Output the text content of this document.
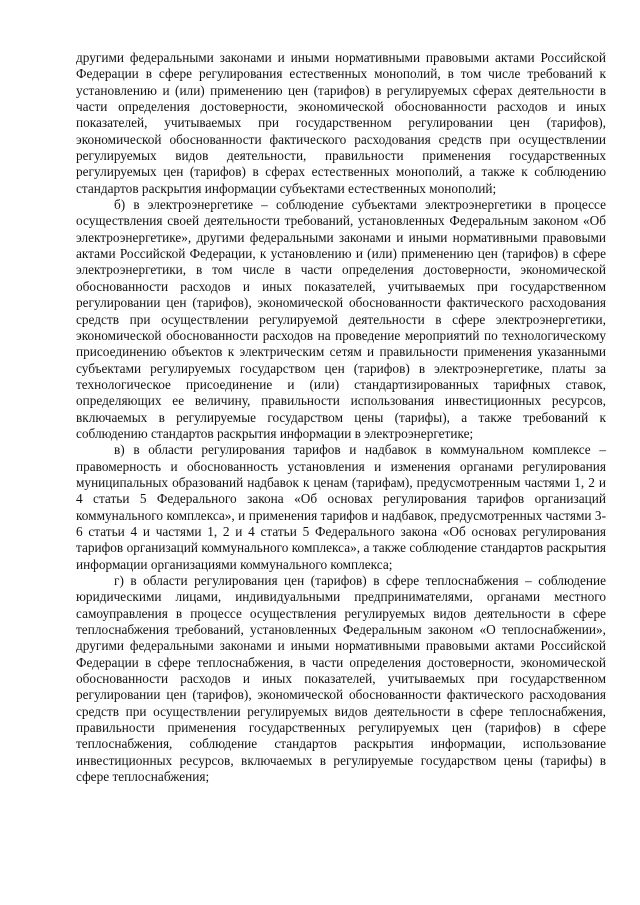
другими федеральными законами и иными нормативными правовыми актами Российской Федерации в сфере регулирования естественных монополий, в том числе требований к установлению и (или) применению цен (тарифов) в регулируемых сферах деятельности в части определения достоверности, экономической обоснованности расходов и иных показателей, учитываемых при государственном регулировании цен (тарифов), экономической обоснованности фактического расходования средств при осуществлении регулируемых видов деятельности, правильности применения государственных регулируемых цен (тарифов) в сферах естественных монополий, а также к соблюдению стандартов раскрытия информации субъектами естественных монополий;

б) в электроэнергетике – соблюдение субъектами электроэнергетики в процессе осуществления своей деятельности требований, установленных Федеральным законом «Об электроэнергетике», другими федеральными законами и иными нормативными правовыми актами Российской Федерации, к установлению и (или) применению цен (тарифов) в сфере электроэнергетики, в том числе в части определения достоверности, экономической обоснованности расходов и иных показателей, учитываемых при государственном регулировании цен (тарифов), экономической обоснованности фактического расходования средств при осуществлении регулируемой деятельности в сфере электроэнергетики, экономической обоснованности расходов на проведение мероприятий по технологическому присоединению объектов к электрическим сетям и правильности применения указанными субъектами регулируемых государством цен (тарифов) в электроэнергетике, платы за технологическое присоединение и (или) стандартизированных тарифных ставок, определяющих ее величину, правильности использования инвестиционных ресурсов, включаемых в регулируемые государством цены (тарифы), а также требований к соблюдению стандартов раскрытия информации в электроэнергетике;

в) в области регулирования тарифов и надбавок в коммунальном комплексе – правомерность и обоснованность установления и изменения органами регулирования муниципальных образований надбавок к ценам (тарифам), предусмотренным частями 1, 2 и 4 статьи 5 Федерального закона «Об основах регулирования тарифов организаций коммунального комплекса», и применения тарифов и надбавок, предусмотренных частями 3-6 статьи 4 и частями 1, 2 и 4 статьи 5 Федерального закона «Об основах регулирования тарифов организаций коммунального комплекса», а также соблюдение стандартов раскрытия информации организациями коммунального комплекса;

г) в области регулирования цен (тарифов) в сфере теплоснабжения – соблюдение юридическими лицами, индивидуальными предпринимателями, органами местного самоуправления в процессе осуществления регулируемых видов деятельности в сфере теплоснабжения требований, установленных Федеральным законом «О теплоснабжении», другими федеральными законами и иными нормативными правовыми актами Российской Федерации в сфере теплоснабжения, в части определения достоверности, экономической обоснованности расходов и иных показателей, учитываемых при государственном регулировании цен (тарифов), экономической обоснованности фактического расходования средств при осуществлении регулируемых видов деятельности в сфере теплоснабжения, правильности применения государственных регулируемых цен (тарифов) в сфере теплоснабжения, соблюдение стандартов раскрытия информации, использование инвестиционных ресурсов, включаемых в регулируемые государством цены (тарифы) в сфере теплоснабжения;
